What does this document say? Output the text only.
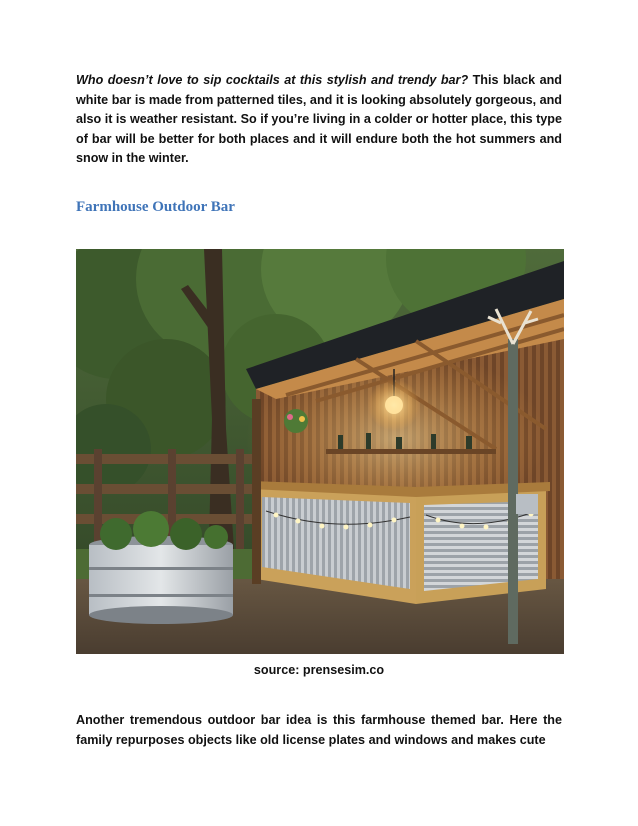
Who doesn’t love to sip cocktails at this stylish and trendy bar? This black and white bar is made from patterned tiles, and it is looking absolutely gorgeous, and also it is weather resistant. So if you’re living in a colder or hotter place, this type of bar will be better for both places and it will endure both the hot summers and snow in the winter.

Farmhouse Outdoor Bar

source: prensesim.co

Another tremendous outdoor bar idea is this farmhouse themed bar. Here the family repurposes objects like old license plates and windows and makes cute
